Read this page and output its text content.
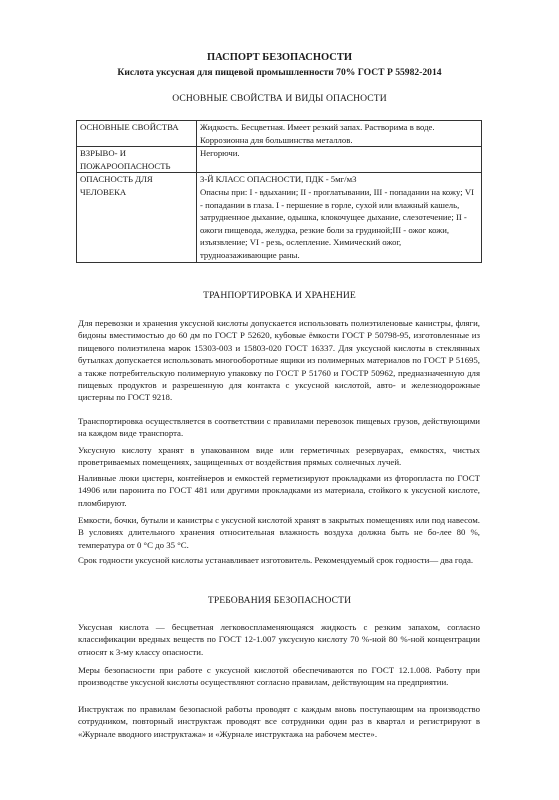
ПАСПОРТ БЕЗОПАСНОСТИ
Кислота уксусная для пищевой промышленности 70% ГОСТ Р 55982-2014
ОСНОВНЫЕ СВОЙСТВА И ВИДЫ ОПАСНОСТИ
ОСНОВНЫЕ СВОЙСТВА	Жидкость. Бесцветная. Имеет резкий запах. Растворима в воде. Коррозионна для большинства металлов.
ВЗРЫВО- И ПОЖАРООПАСНОСТЬ	Негорючи.
ОПАСНОСТЬ ДЛЯ ЧЕЛОВЕКА	3-Й КЛАСС ОПАСНОСТИ, ПДК - 5мг/м3
Опасны при: I - вдыхании; II - проглатывании, III - попадании на кожу; VI - попадании в глаза. I - першение в горле, сухой или влажный кашель, затрудненное дыхание, одышка, клокочущее дыхание, слезотечение; II - ожоги пищевода, желудка, резкие боли за грудиной;III - ожог кожи, изъязвление; VI - резь, ослепление. Химический ожог, трудноазаживающие раны.
ТРАНПОРТИРОВКА И ХРАНЕНИЕ

Для перевозки и хранения уксусной кислоты допускается использовать полиэтиленовые канистры, фляги, бидоны вместимостью до 60 дм по ГОСТ Р 52620, кубовые ёмкости ГОСТ Р 50798-95, изготовленные из пищевого полиэтилена марок 15303-003 и 15803-020 ГОСТ 16337. Для уксусной кислоты в стеклянных бутылках допускается использовать многооборотные ящики из полимерных материалов по ГОСТ Р 51695, а также потребительскую полимерную упаковку по ГОСТ Р 51760 и ГОСТР 50962, предназначенную для пищевых продуктов и разрешенную для контакта с уксусной кислотой, авто- и железнодорожные цистерны по ГОСТ 9218.

Транспортировка осуществляется в соответствии с правилами перевозок пищевых грузов, действующими на каждом виде транспорта.

Уксусную кислоту хранят в упакованном виде или герметичных резервуарах, емкостях, чистых проветриваемых помещениях, защищенных от воздействия прямых солнечных лучей.

Наливные люки цистерн, контейнеров и емкостей герметизируют прокладками из фторопласта по ГОСТ 14906 или паронита по ГОСТ 481 или другими прокладками из материала, стойкого к уксусной кислоте, пломбируют.

Емкости, бочки, бутыли и канистры с уксусной кислотой хранят в закрытых помещениях или под навесом. В условиях длительного хранения относительная влажность воздуха должна быть не бо-лее 80 %, температура от 0 °С до 35 °С.

Срок годности уксусной кислоты устанавливает изготовитель. Рекомендуемый срок годности— два года.

ТРЕБОВАНИЯ БЕЗОПАСНОСТИ

Уксусная кислота — бесцветная легковоспламеняющаяся жидкость с резким запахом, согласно классификации вредных веществ по ГОСТ 12-1.007 уксусную кислоту 70 %-ной 80 %-ной концентрации относят к 3-му классу опасности.

Меры безопасности при работе с уксусной кислотой обеспечиваются по ГОСТ 12.1.008. Работу при производстве уксусной кислоты осуществляют согласно правилам, действующим на предприятии.

Инструктаж по правилам безопасной работы проводят с каждым вновь поступающим на производство сотрудником, повторный инструктаж проводят все сотрудники один раз в квартал и регистрируют в «Журнале вводного инструктажа» и «Журнале инструктажа на рабочем месте».
